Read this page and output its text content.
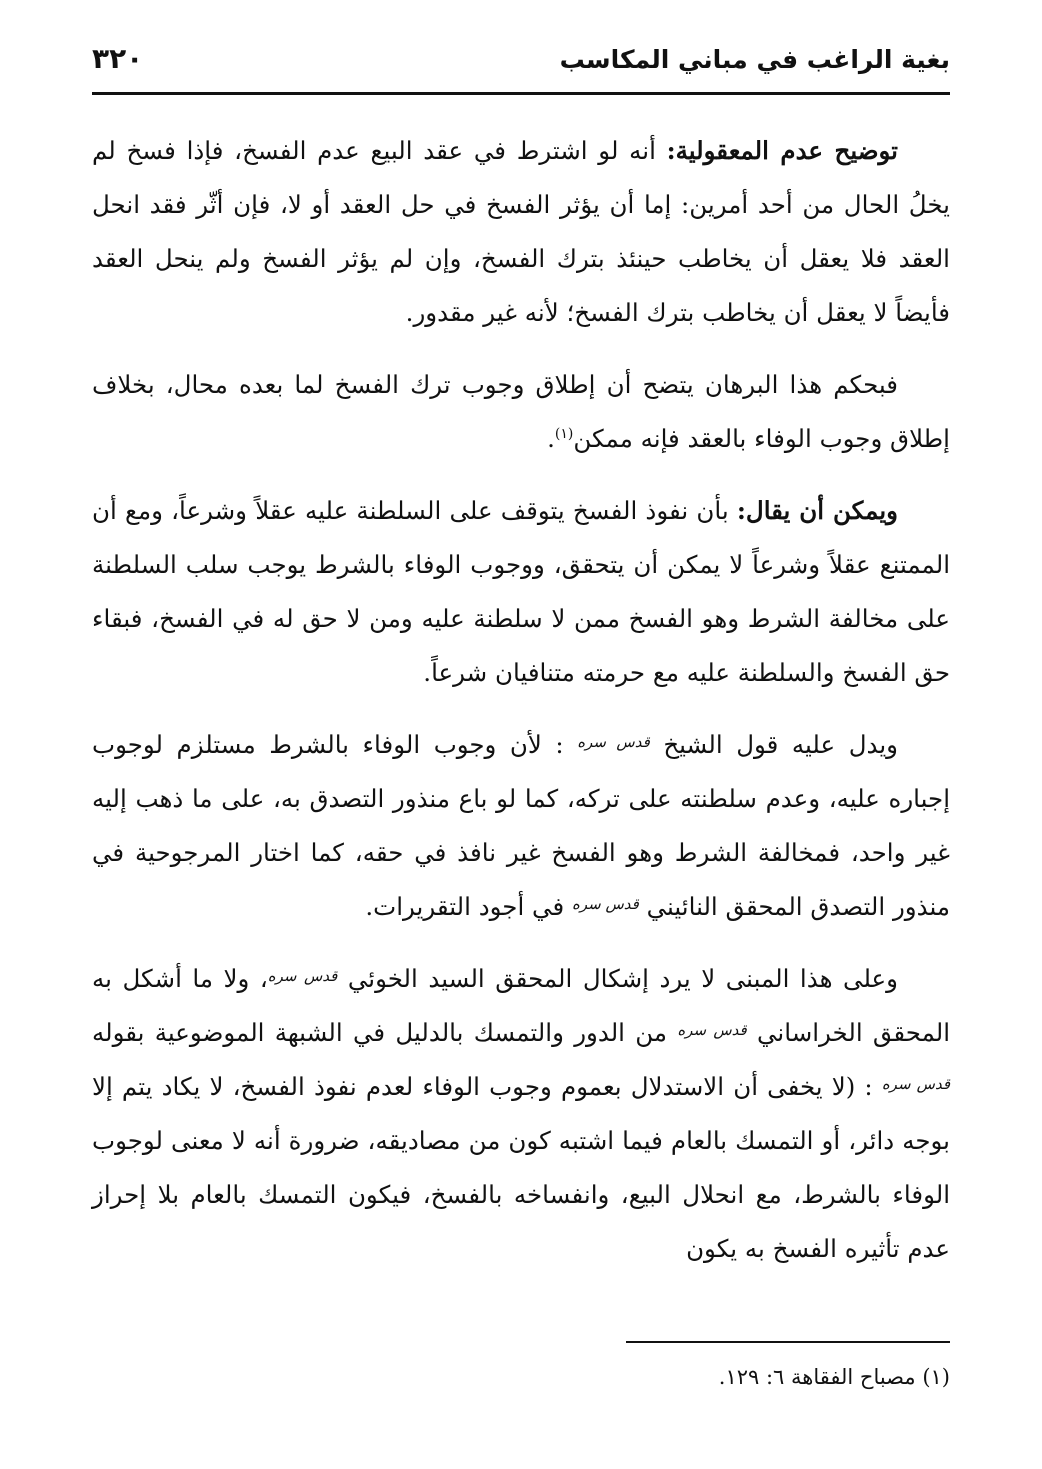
بغية الراغب في مباني المكاسب
٣٢٠

توضيح عدم المعقولية: أنه لو اشترط في عقد البيع عدم الفسخ، فإذا فسخ لم يخلُ الحال من أحد أمرين: إما أن يؤثر الفسخ في حل العقد أو لا، فإن أثّر فقد انحل العقد فلا يعقل أن يخاطب حينئذ بترك الفسخ، وإن لم يؤثر الفسخ ولم ينحل العقد فأيضاً لا يعقل أن يخاطب بترك الفسخ؛ لأنه غير مقدور.

فبحكم هذا البرهان يتضح أن إطلاق وجوب ترك الفسخ لما بعده محال، بخلاف إطلاق وجوب الوفاء بالعقد فإنه ممكن$^{(١)}$.

ويمكن أن يقال: بأن نفوذ الفسخ يتوقف على السلطنة عليه عقلاً وشرعاً، ومع أن الممتنع عقلاً وشرعاً لا يمكن أن يتحقق، ووجوب الوفاء بالشرط يوجب سلب السلطنة على مخالفة الشرط وهو الفسخ ممن لا سلطنة عليه ومن لا حق له في الفسخ، فبقاء حق الفسخ والسلطنة عليه مع حرمته متنافيان شرعاً.

ويدل عليه قول الشيخ $^{قدس سره}$ : لأن وجوب الوفاء بالشرط مستلزم لوجوب إجباره عليه، وعدم سلطنته على تركه، كما لو باع منذور التصدق به، على ما ذهب إليه غير واحد، فمخالفة الشرط وهو الفسخ غير نافذ في حقه، كما اختار المرجوحية في منذور التصدق المحقق النائيني $^{قدس سره}$ في أجود التقريرات.

وعلى هذا المبنى لا يرد إشكال المحقق السيد الخوئي $^{قدس سره}$، ولا ما أشكل به المحقق الخراساني $^{قدس سره}$ من الدور والتمسك بالدليل في الشبهة الموضوعية بقوله $^{قدس سره}$ : (لا يخفى أن الاستدلال بعموم وجوب الوفاء لعدم نفوذ الفسخ، لا يكاد يتم إلا بوجه دائر، أو التمسك بالعام فيما اشتبه كون من مصاديقه، ضرورة أنه لا معنى لوجوب الوفاء بالشرط، مع انحلال البيع، وانفساخه بالفسخ، فيكون التمسك بالعام بلا إحراز عدم تأثيره الفسخ به يكون

(١) مصباح الفقاهة ٦: ١٢٩.
